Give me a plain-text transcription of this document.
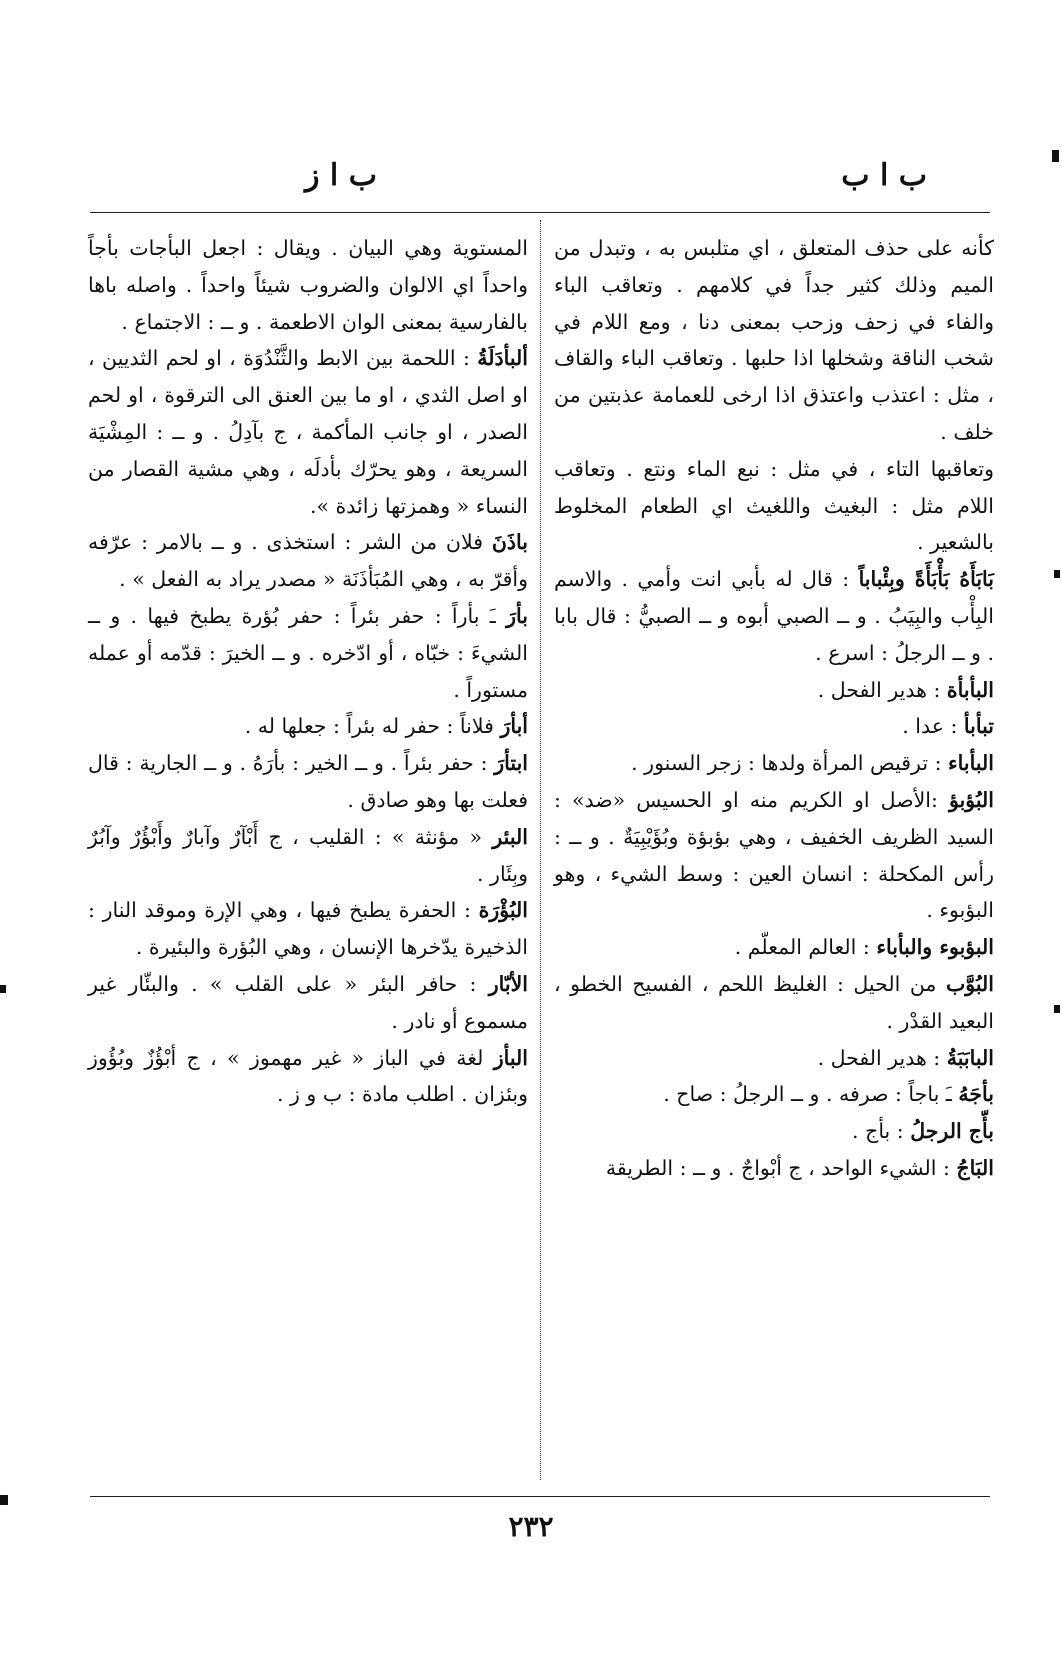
ب ا ب
ب ا ز

كأنه على حذف المتعلق ، اي متلبس به ، وتبدل من الميم وذلك كثير جداً في كلامهم . وتعاقب الباء والفاء في زحف وزحب بمعنى دنا ، ومع اللام في شخب الناقة وشخلها اذا حلبها . وتعاقب الباء والقاف ، مثل : اعتذب واعتذق اذا ارخى للعمامة عذبتين من خلف .

وتعاقبها التاء ، في مثل : نبع الماء ونتع . وتعاقب اللام مثل : البغيث واللغيث اي الطعام المخلوط بالشعير .

بَابَأَهُ بَأْبَأَةً وبِئْباباً : قال له بأبي انت وأمي . والاسم البِأْب والبِيَبُ . و ــ الصبي أبوه و ــ الصبيُّ : قال بابا . و ــ الرجلُ : اسرع .

البأبأة : هدير الفحل .

تبأبأ : عدا .

البأباء : ترقيص المرأة ولدها : زجر السنور .

البُؤبؤ :الأصل او الكريم منه او الحسيس «ضد» : السيد الظريف الخفيف ، وهي بؤبؤة وبُؤَيْبِيَةٌ . و ــ : رأس المكحلة : انسان العين : وسط الشيء ، وهو البؤبوء .

البؤبوء والبأباء : العالم المعلّم .

البُوَّب من الحيل : الغليظ اللحم ، الفسيح الخطو ، البعيد القدْر .

البابَبَةُ : هدير الفحل .

بأجَهُ ـَ باجاً : صرفه . و ــ الرجلُ : صاح .

بأّج الرجلُ : بأج .

البَاجُ : الشيء الواحد ، ج أبْواجٌ . و ــ : الطريقة

المستوية وهي البيان . ويقال : اجعل البأجات بأجاً واحداً اي الالوان والضروب شيئاً واحداً . واصله باها بالفارسية بمعنى الوان الاطعمة . و ــ : الاجتماع .

ألبأدَلَةُ : اللحمة بين الابط والثَّنْدُوَة ، او لحم الثديين ، او اصل الثدي ، او ما بين العنق الى الترقوة ، او لحم الصدر ، او جانب المأكمة ، ج بآدِلُ . و ــ : المِشْيَة السريعة ، وهو يحرّك بأدلَه ، وهي مشية القصار من النساء « وهمزتها زائدة ».

باذَنَ فلان من الشر : استخذى . و ــ بالامر : عرّفه وأقرّ به ، وهي المُبَأذَنَة « مصدر يراد به الفعل » .

بأرَ ـَ بأراً : حفر بئراً : حفر بُؤرة يطبخ فيها . و ــ الشيءَ : خبّاه ، أو ادّخره . و ــ الخيرَ : قدّمه أو عمله مستوراً .

أبأرَ فلاناً : حفر له بئراً : جعلها له .

ابتأرَ : حفر بئراً . و ــ الخير : بأرَهُ . و ــ الجارية : قال فعلت بها وهو صادق .

البئر « مؤنثة » : القليب ، ج أَبْآرٌ وآبارٌ وأَبْؤُرٌ وآبُرٌ وبِئَار .

البُؤْرَة : الحفرة يطبخ فيها ، وهي الإرة وموقد النار : الذخيرة يدّخرها الإنسان ، وهي البُؤرة والبئيرة .

الأبّار : حافر البئر « على القلب » . والبئّار غير مسموع أو نادر .

البأز لغة في الباز « غير مهموز » ، ج أبْؤُزٌ وبُؤُوز وبئزان . اطلب مادة : ب و ز .

٢٣٢
